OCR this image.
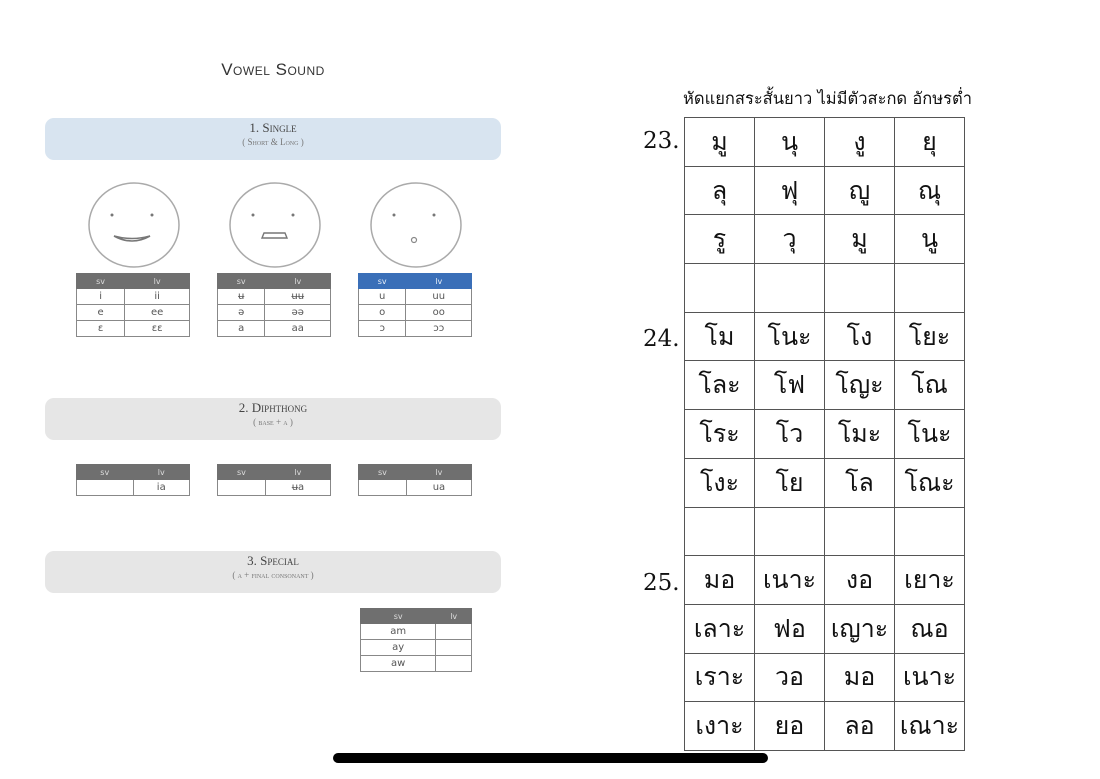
Vowel Sound
1. Single
( Short & Long )
sv	lv
i	ii
e	ee
ɛ	ɛɛ
sv	lv
ʉ	ʉʉ
ə	əə
a	aa
sv	lv
u	uu
o	oo
ɔ	ɔɔ
2. Diphthong
( base + a )
sv	lv
	ia
sv	lv
	ʉa
sv	lv
	ua
3. Special
( a + final consonant )
sv	lv
am	
ay	
aw	
หัดแยกสระสั้นยาว ไม่มีตัวสะกด อักษรต่ำ
23.
24.
25.
มู	นุ	งู	ยุ
ลุ	ฟุ	ญู	ณุ
รู	วุ	มู	นู

โม	โนะ	โง	โยะ
โละ	โฟ	โญะ	โณ
โระ	โว	โมะ	โนะ
โงะ	โย	โล	โณะ

มอ	เนาะ	งอ	เยาะ
เลาะ	ฟอ	เญาะ	ณอ
เราะ	วอ	มอ	เนาะ
เงาะ	ยอ	ลอ	เณาะ
